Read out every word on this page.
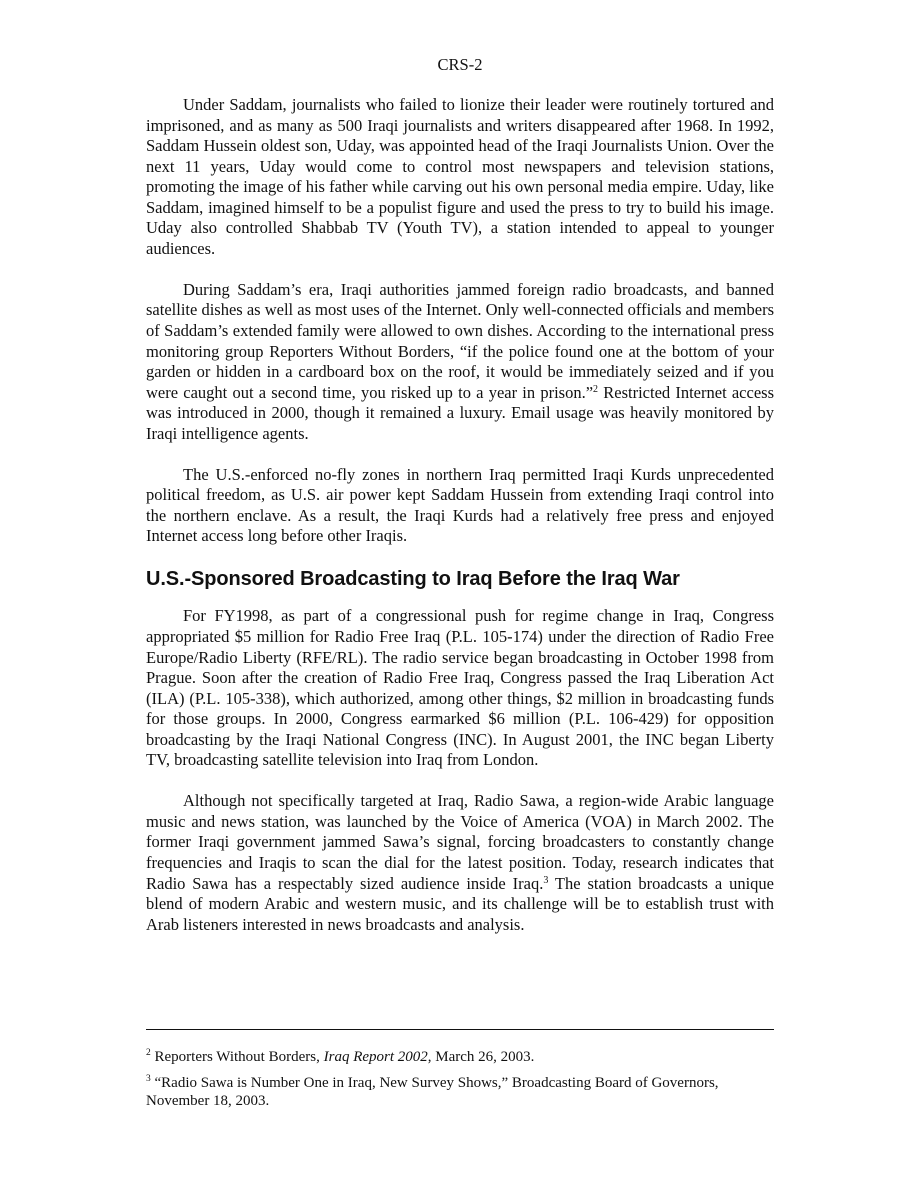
CRS-2

Under Saddam, journalists who failed to lionize their leader were routinely tortured and imprisoned, and as many as 500 Iraqi journalists and writers disappeared after 1968. In 1992, Saddam Hussein oldest son, Uday, was appointed head of the Iraqi Journalists Union. Over the next 11 years, Uday would come to control most newspapers and television stations, promoting the image of his father while carving out his own personal media empire. Uday, like Saddam, imagined himself to be a populist figure and used the press to try to build his image. Uday also controlled Shabbab TV (Youth TV), a station intended to appeal to younger audiences.

During Saddam’s era, Iraqi authorities jammed foreign radio broadcasts, and banned satellite dishes as well as most uses of the Internet. Only well-connected officials and members of Saddam’s extended family were allowed to own dishes. According to the international press monitoring group Reporters Without Borders, “if the police found one at the bottom of your garden or hidden in a cardboard box on the roof, it would be immediately seized and if you were caught out a second time, you risked up to a year in prison.”$^2$ Restricted Internet access was introduced in 2000, though it remained a luxury. Email usage was heavily monitored by Iraqi intelligence agents.

The U.S.-enforced no-fly zones in northern Iraq permitted Iraqi Kurds unprecedented political freedom, as U.S. air power kept Saddam Hussein from extending Iraqi control into the northern enclave. As a result, the Iraqi Kurds had a relatively free press and enjoyed Internet access long before other Iraqis.

U.S.-Sponsored Broadcasting to Iraq Before the Iraq War

For FY1998, as part of a congressional push for regime change in Iraq, Congress appropriated $5 million for Radio Free Iraq (P.L. 105-174) under the direction of Radio Free Europe/Radio Liberty (RFE/RL). The radio service began broadcasting in October 1998 from Prague. Soon after the creation of Radio Free Iraq, Congress passed the Iraq Liberation Act (ILA) (P.L. 105-338), which authorized, among other things, $2 million in broadcasting funds for those groups. In 2000, Congress earmarked $6 million (P.L. 106-429) for opposition broadcasting by the Iraqi National Congress (INC). In August 2001, the INC began Liberty TV, broadcasting satellite television into Iraq from London.

Although not specifically targeted at Iraq, Radio Sawa, a region-wide Arabic language music and news station, was launched by the Voice of America (VOA) in March 2002. The former Iraqi government jammed Sawa’s signal, forcing broadcasters to constantly change frequencies and Iraqis to scan the dial for the latest position. Today, research indicates that Radio Sawa has a respectably sized audience inside Iraq.$^3$ The station broadcasts a unique blend of modern Arabic and western music, and its challenge will be to establish trust with Arab listeners interested in news broadcasts and analysis.

$^2$ Reporters Without Borders, Iraq Report 2002, March 26, 2003.

$^3$ “Radio Sawa is Number One in Iraq, New Survey Shows,” Broadcasting Board of Governors, November 18, 2003.
